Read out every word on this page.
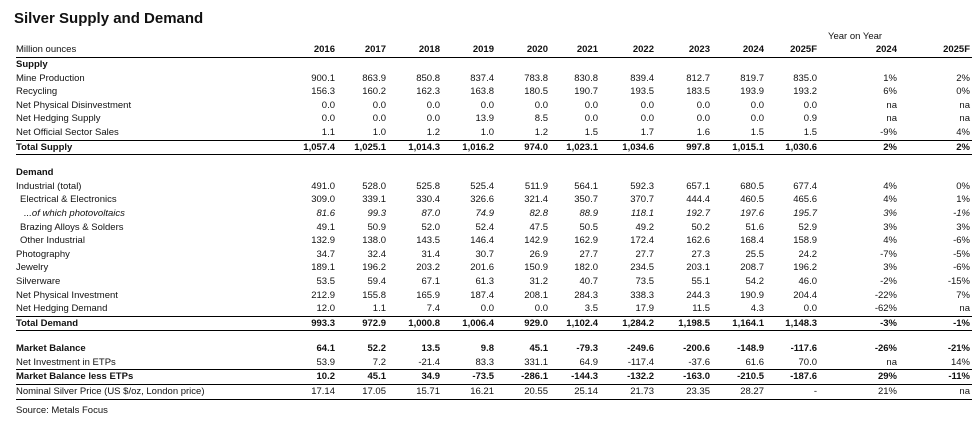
Silver Supply and Demand
Year on Year
Million ounces	2016	2017	2018	2019	2020	2021	2022	2023	2024	2025F	2024	2025F
Supply												
Mine Production	900.1	863.9	850.8	837.4	783.8	830.8	839.4	812.7	819.7	835.0	1%	2%
Recycling	156.3	160.2	162.3	163.8	180.5	190.7	193.5	183.5	193.9	193.2	6%	0%
Net Physical Disinvestment	0.0	0.0	0.0	0.0	0.0	0.0	0.0	0.0	0.0	0.0	na	na
Net Hedging Supply	0.0	0.0	0.0	13.9	8.5	0.0	0.0	0.0	0.0	0.9	na	na
Net Official Sector Sales	1.1	1.0	1.2	1.0	1.2	1.5	1.7	1.6	1.5	1.5	-9%	4%
Total Supply	1,057.4	1,025.1	1,014.3	1,016.2	974.0	1,023.1	1,034.6	997.8	1,015.1	1,030.6	2%	2%

Demand												
Industrial (total)	491.0	528.0	525.8	525.4	511.9	564.1	592.3	657.1	680.5	677.4	4%	0%
Electrical & Electronics	309.0	339.1	330.4	326.6	321.4	350.7	370.7	444.4	460.5	465.6	4%	1%
...of which photovoltaics	81.6	99.3	87.0	74.9	82.8	88.9	118.1	192.7	197.6	195.7	3%	-1%
Brazing Alloys & Solders	49.1	50.9	52.0	52.4	47.5	50.5	49.2	50.2	51.6	52.9	3%	3%
Other Industrial	132.9	138.0	143.5	146.4	142.9	162.9	172.4	162.6	168.4	158.9	4%	-6%
Photography	34.7	32.4	31.4	30.7	26.9	27.7	27.7	27.3	25.5	24.2	-7%	-5%
Jewelry	189.1	196.2	203.2	201.6	150.9	182.0	234.5	203.1	208.7	196.2	3%	-6%
Silverware	53.5	59.4	67.1	61.3	31.2	40.7	73.5	55.1	54.2	46.0	-2%	-15%
Net Physical Investment	212.9	155.8	165.9	187.4	208.1	284.3	338.3	244.3	190.9	204.4	-22%	7%
Net Hedging Demand	12.0	1.1	7.4	0.0	0.0	3.5	17.9	11.5	4.3	0.0	-62%	na
Total Demand	993.3	972.9	1,000.8	1,006.4	929.0	1,102.4	1,284.2	1,198.5	1,164.1	1,148.3	-3%	-1%

Market Balance	64.1	52.2	13.5	9.8	45.1	-79.3	-249.6	-200.6	-148.9	-117.6	-26%	-21%
Net Investment in ETPs	53.9	7.2	-21.4	83.3	331.1	64.9	-117.4	-37.6	61.6	70.0	na	14%
Market Balance less ETPs	10.2	45.1	34.9	-73.5	-286.1	-144.3	-132.2	-163.0	-210.5	-187.6	29%	-11%
Nominal Silver Price (US $/oz, London price)	17.14	17.05	15.71	16.21	20.55	25.14	21.73	23.35	28.27	-	21%	na
Source: Metals Focus
